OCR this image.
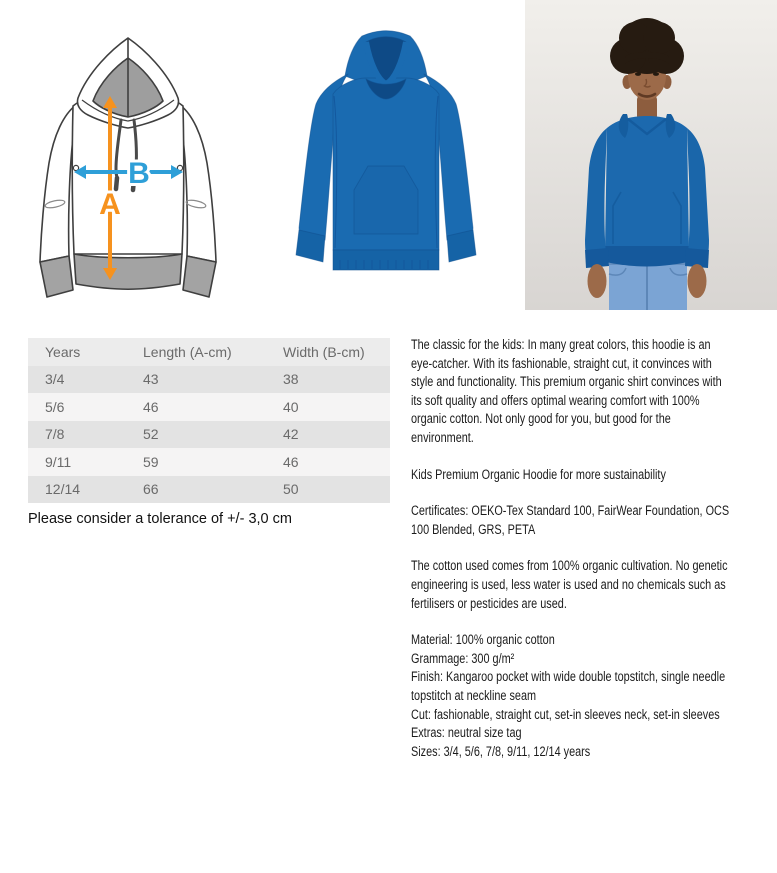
A
B
Years	Length (A-cm)	Width (B-cm)
3/4	43	38
5/6	46	40
7/8	52	42
9/11	59	46
12/14	66	50
Please consider a tolerance of +/- 3,0 cm

The classic for the kids: In many great colors, this hoodie is an eye-catcher. With its fashionable, straight cut, it convinces with style and functionality. This premium organic shirt convinces with its soft quality and offers optimal wearing comfort with 100% organic cotton. Not only good for you, but good for the environment.

Kids Premium Organic Hoodie for more sustainability

Certificates: OEKO-Tex Standard 100, FairWear Foundation, OCS 100 Blended, GRS, PETA

The cotton used comes from 100% organic cultivation. No genetic engineering is used, less water is used and no chemicals such as fertilisers or pesticides are used.

Material: 100% organic cotton
Grammage: 300 g/m²
Finish: Kangaroo pocket with wide double topstitch, single needle topstitch at neckline seam
Cut: fashionable, straight cut, set-in sleeves neck, set-in sleeves
Extras: neutral size tag
Sizes: 3/4, 5/6, 7/8, 9/11, 12/14 years
